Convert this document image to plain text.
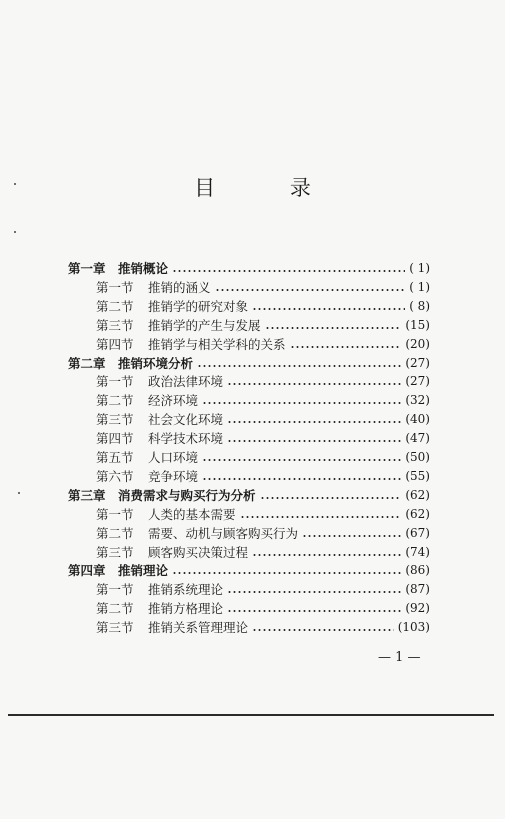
目 录
第一章 推销概论	( 1)
第一节 推销的涵义	( 1)
第二节 推销学的研究对象	( 8)
第三节 推销学的产生与发展	(15)
第四节 推销学与相关学科的关系	(20)
第二章 推销环境分析	(27)
第一节 政治法律环境	(27)
第二节 经济环境	(32)
第三节 社会文化环境	(40)
第四节 科学技术环境	(47)
第五节 人口环境	(50)
第六节 竞争环境	(55)
第三章 消费需求与购买行为分析	(62)
第一节 人类的基本需要	(62)
第二节 需要、动机与顾客购买行为	(67)
第三节 顾客购买决策过程	(74)
第四章 推销理论	(86)
第一节 推销系统理论	(87)
第二节 推销方格理论	(92)
第三节 推销关系管理理论	(103)
— 1 —
